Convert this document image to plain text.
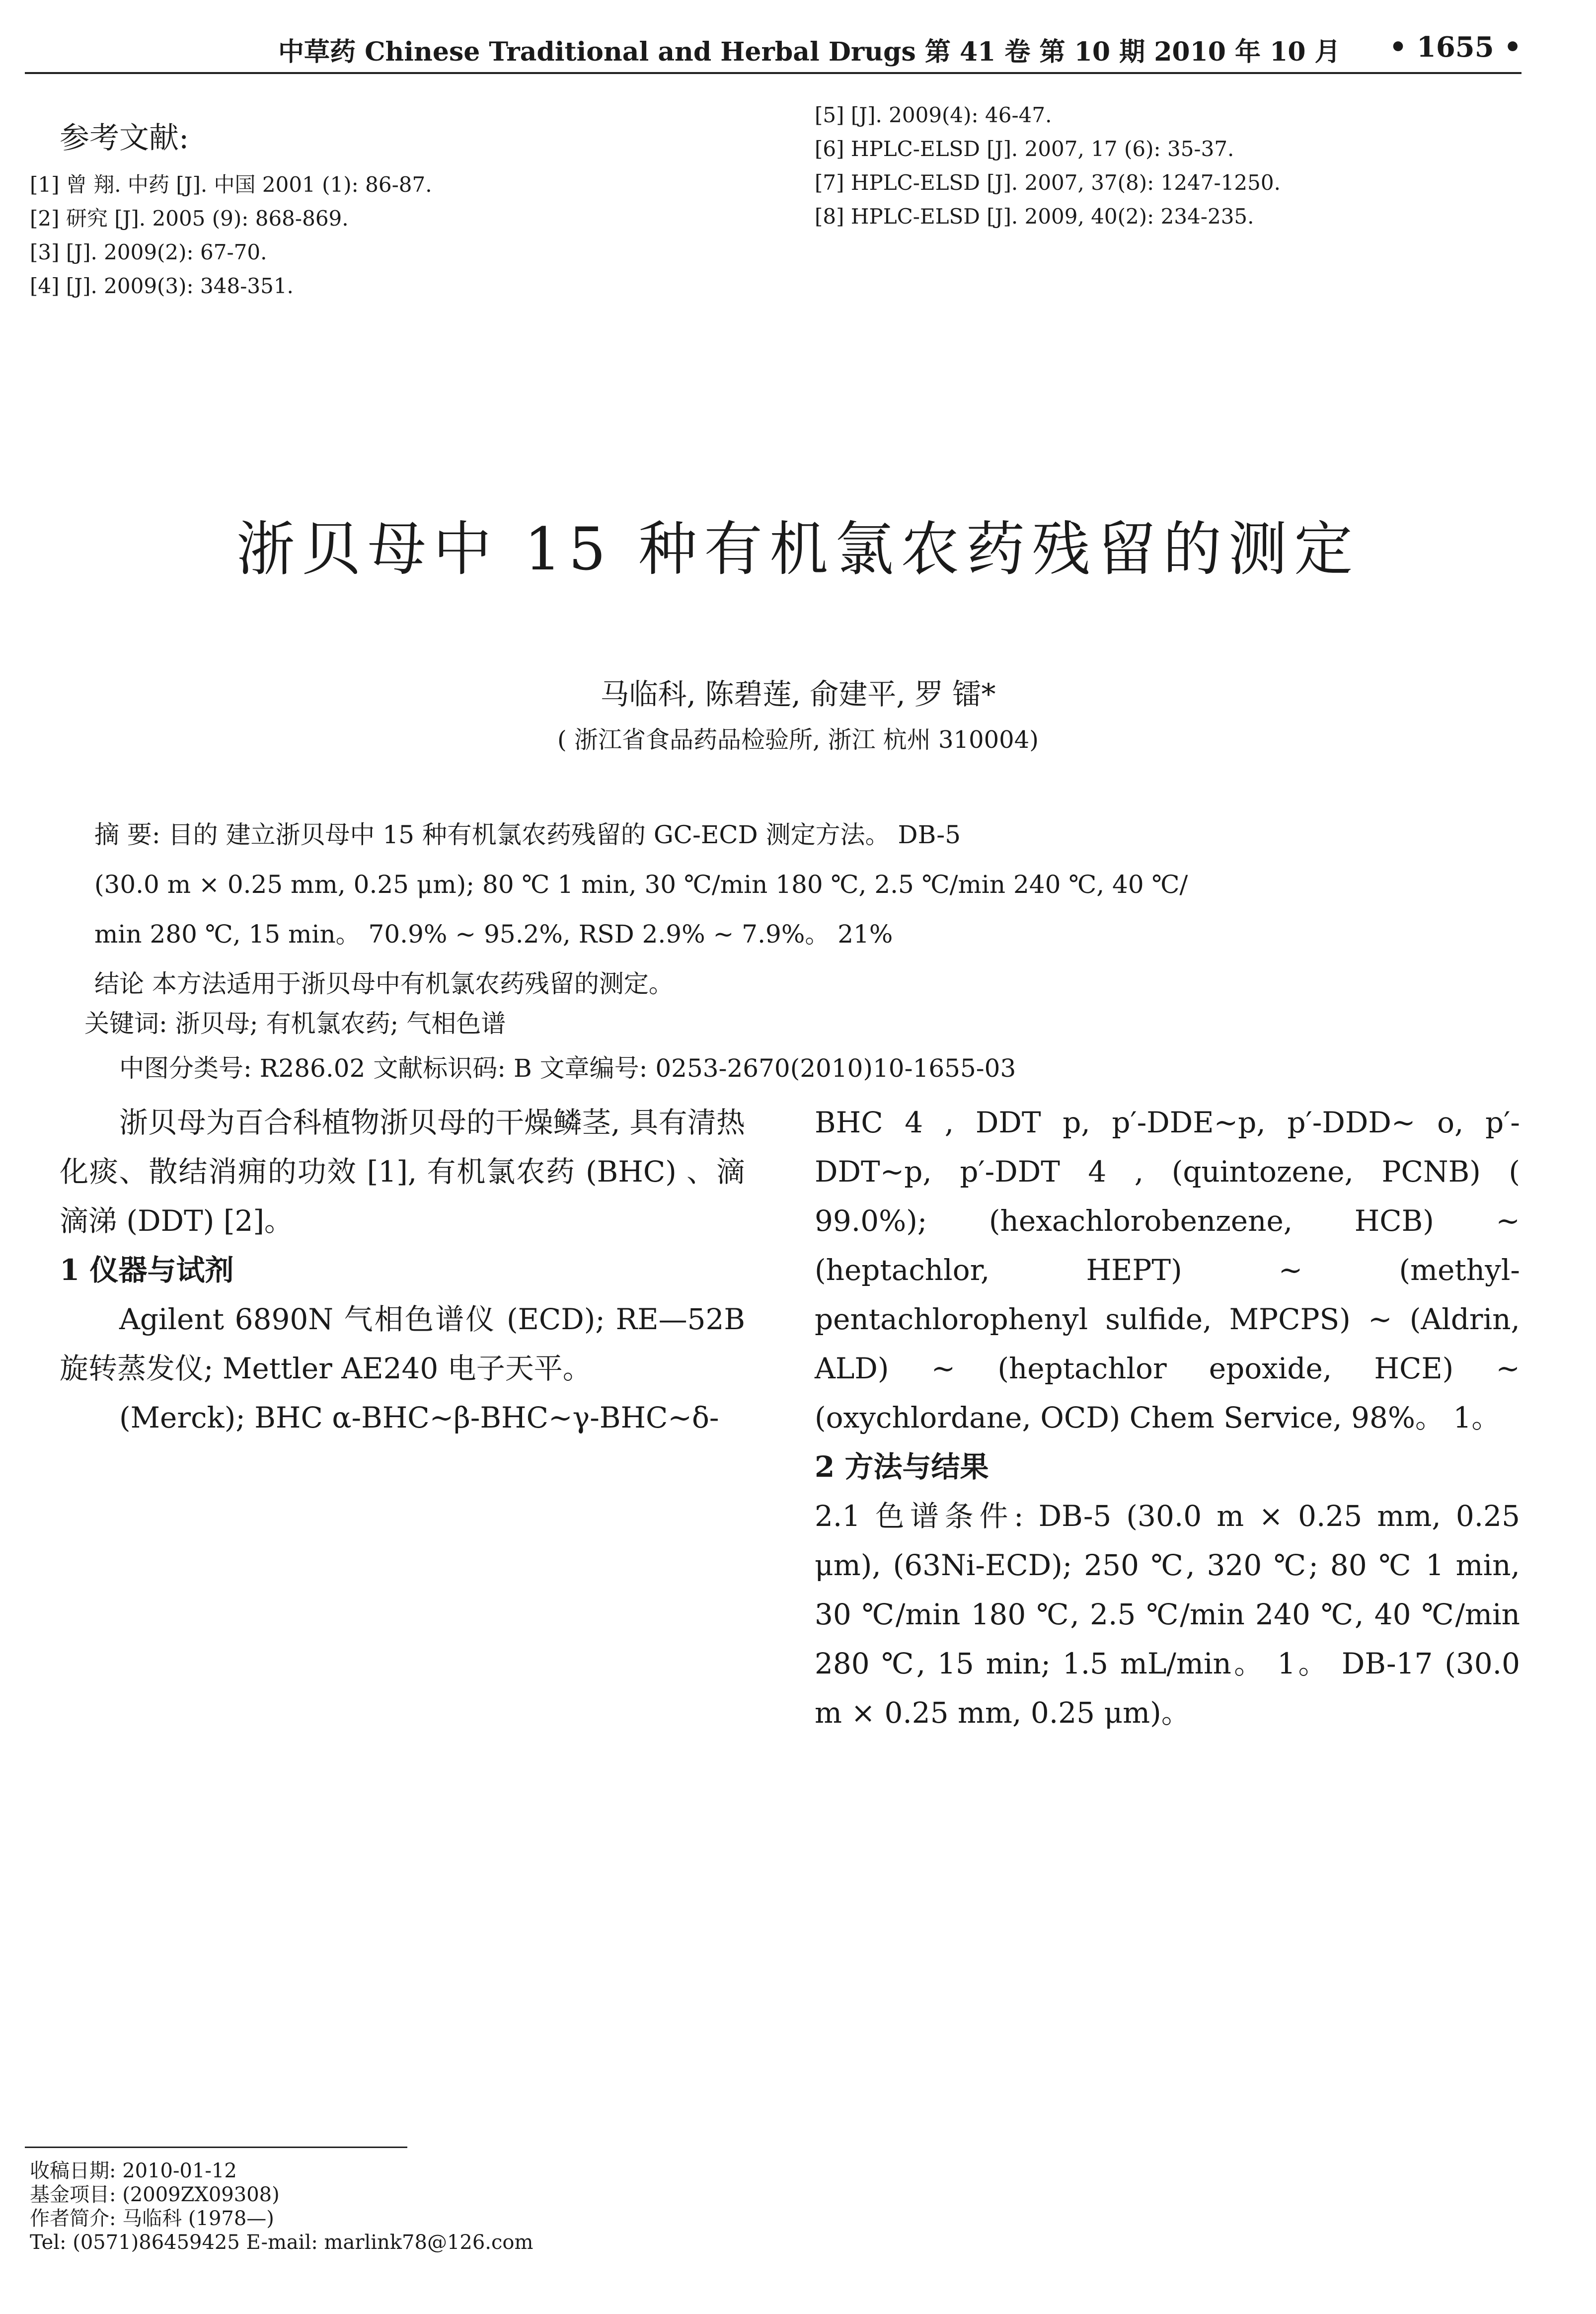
中草药 Chinese Traditional and Herbal Drugs 第 41 卷 第 10 期 2010 年 10 月 • 1655 •
参考文献:
[1] 曾 翔. 中药 [J]. 中国 2001 (1): 86-87.
[2] 研究 [J]. 2005 (9): 868-869.
[3] [J]. 2009(2): 67-70.
[4] [J]. 2009(3): 348-351.
[5] [J]. 2009(4): 46-47.
[6] HPLC-ELSD [J]. 2007, 17 (6): 35-37.
[7] HPLC-ELSD [J]. 2007, 37(8): 1247-1250.
[8] HPLC-ELSD [J]. 2009, 40(2): 234-235.
浙贝母中 15 种有机氯农药残留的测定
马临科, 陈碧莲, 俞建平, 罗 镭*
( 浙江省食品药品检验所, 浙江 杭州 310004)
摘 要: 目的 建立浙贝母中 15 种有机氯农药残留的 GC-ECD 测定方法。 DB-5
(30.0 m × 0.25 mm, 0.25 μm); 80 ℃ 1 min, 30 ℃/min 180 ℃, 2.5 ℃/min 240 ℃, 40 ℃/
min 280 ℃, 15 min。 70.9% ~ 95.2%, RSD 2.9% ~ 7.9%。 21%
结论 本方法适用于浙贝母中有机氯农药残留的测定。
关键词: 浙贝母; 有机氯农药; 气相色谱
中图分类号: R286.02 文献标识码: B 文章编号: 0253-2670(2010)10-1655-03

浙贝母为百合科植物浙贝母的干燥鳞茎, 具有清热化痰、散结消痈的功效 [1], 有机氯农药 (BHC) 、滴滴涕 (DDT) [2]。

1 仪器与试剂

Agilent 6890N 气相色谱仪 (ECD); RE—52B 旋转蒸发仪; Mettler AE240 电子天平。

(Merck); BHC α-BHC~β-BHC~γ-BHC~δ-

BHC 4 , DDT p, p′-DDE~p, p′-DDD~ o, p′-DDT~p, p′-DDT 4 , (quintozene, PCNB) ( 99.0%); (hexachlorobenzene, HCB) ~ (heptachlor, HEPT) ~ (methyl-pentachlorophenyl sulfide, MPCPS) ~ (Aldrin, ALD) ~ (heptachlor epoxide, HCE) ~ (oxychlordane, OCD) Chem Service, 98%。 1。

2 方法与结果

2.1 色谱条件: DB-5 (30.0 m × 0.25 mm, 0.25 μm), (63Ni-ECD); 250 ℃, 320 ℃; 80 ℃ 1 min, 30 ℃/min 180 ℃, 2.5 ℃/min 240 ℃, 40 ℃/min 280 ℃, 15 min; 1.5 mL/min。 1。 DB-17 (30.0 m × 0.25 mm, 0.25 μm)。

收稿日期: 2010-01-12
基金项目: (2009ZX09308)
作者简介: 马临科 (1978—)
Tel: (0571)86459425 E-mail: marlink78@126.com
